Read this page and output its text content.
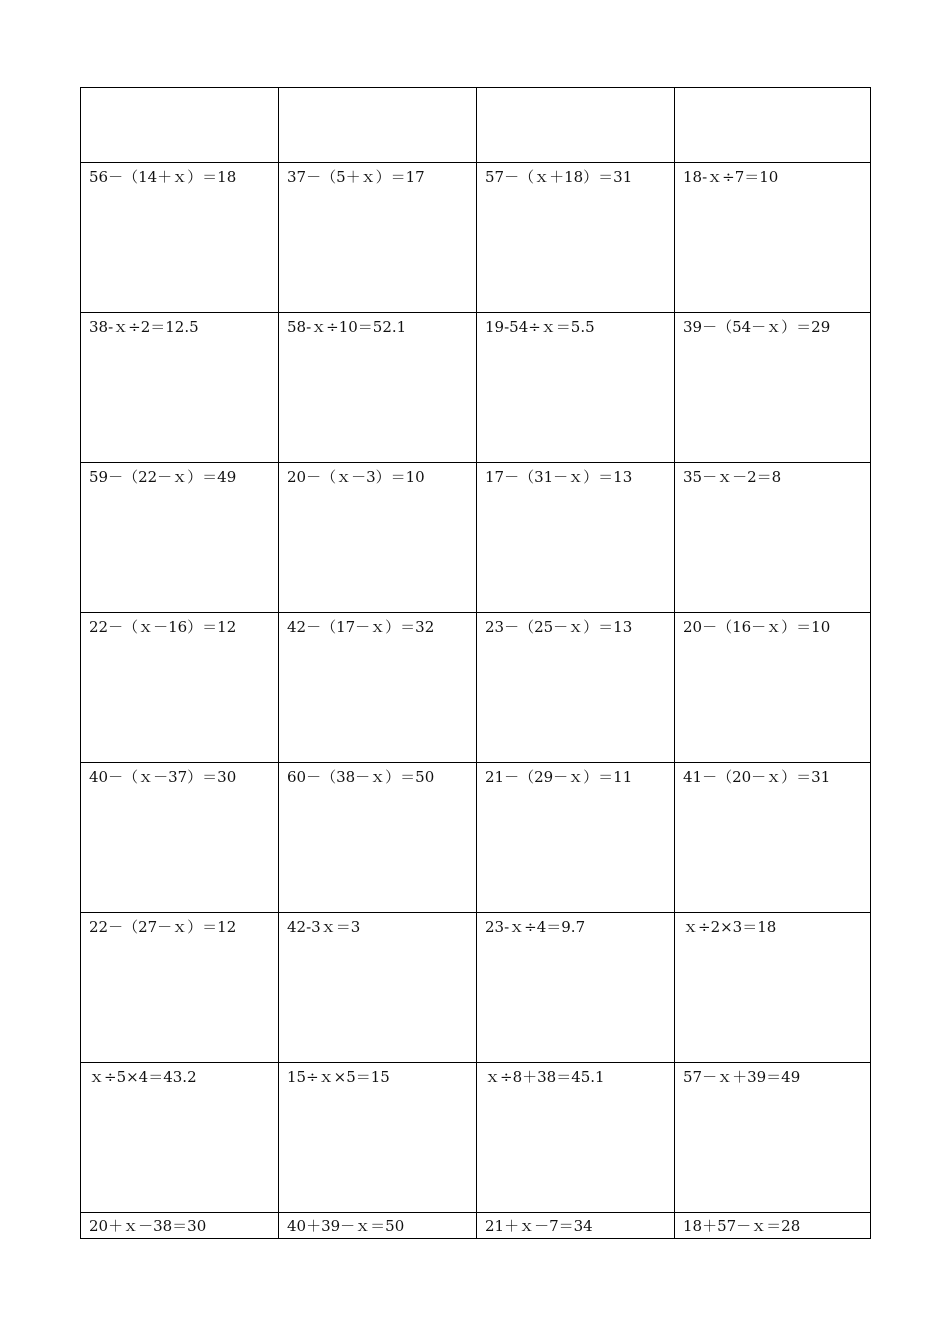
56－（14＋ｘ）＝18	37－（5＋ｘ）＝17	57－（ｘ＋18）＝31	18-ｘ÷7＝10
38-ｘ÷2＝12.5	58-ｘ÷10＝52.1	19-54÷ｘ＝5.5	39－（54－ｘ）＝29
59－（22－ｘ）＝49	20－（ｘ－3）＝10	17－（31－ｘ）＝13	35－ｘ－2＝8
22－（ｘ－16）＝12	42－（17－ｘ）＝32	23－（25－ｘ）＝13	20－（16－ｘ）＝10
40－（ｘ－37）＝30	60－（38－ｘ）＝50	21－（29－ｘ）＝11	41－（20－ｘ）＝31
22－（27－ｘ）＝12	42-3ｘ＝3	23-ｘ÷4＝9.7	ｘ÷2×3＝18
ｘ÷5×4＝43.2	15÷ｘ×5＝15	ｘ÷8＋38＝45.1	57－ｘ＋39＝49
20＋ｘ－38＝30	40＋39－ｘ＝50	21＋ｘ－7＝34	18＋57－ｘ＝28
